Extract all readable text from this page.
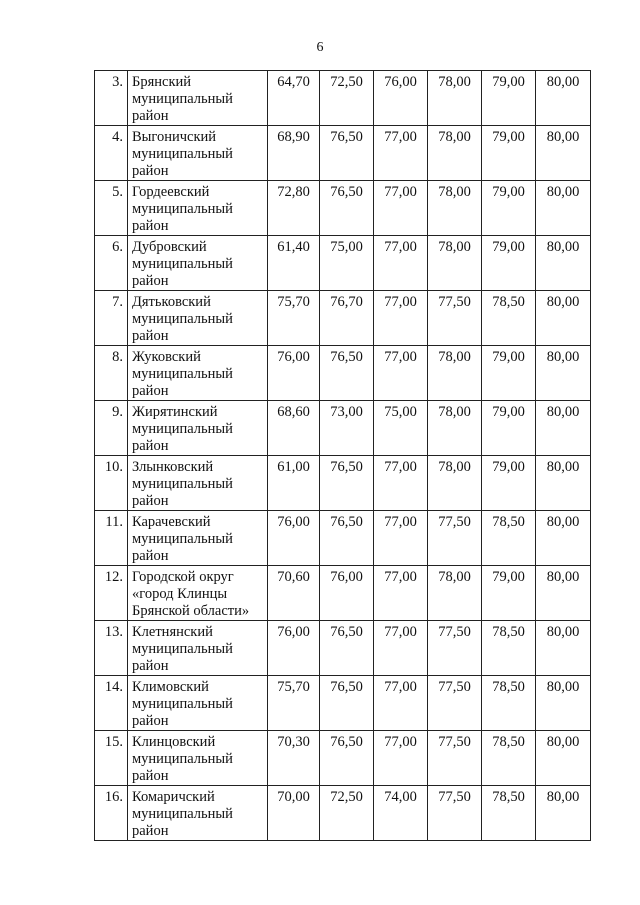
6
3.	Брянский
муниципальный
район	64,70	72,50	76,00	78,00	79,00	80,00
4.	Выгоничский
муниципальный
район	68,90	76,50	77,00	78,00	79,00	80,00
5.	Гордеевский
муниципальный
район	72,80	76,50	77,00	78,00	79,00	80,00
6.	Дубровский
муниципальный
район	61,40	75,00	77,00	78,00	79,00	80,00
7.	Дятьковский
муниципальный
район	75,70	76,70	77,00	77,50	78,50	80,00
8.	Жуковский
муниципальный
район	76,00	76,50	77,00	78,00	79,00	80,00
9.	Жирятинский
муниципальный
район	68,60	73,00	75,00	78,00	79,00	80,00
10.	Злынковский
муниципальный
район	61,00	76,50	77,00	78,00	79,00	80,00
11.	Карачевский
муниципальный
район	76,00	76,50	77,00	77,50	78,50	80,00
12.	Городской округ
«город Клинцы
Брянской области»	70,60	76,00	77,00	78,00	79,00	80,00
13.	Клетнянский
муниципальный
район	76,00	76,50	77,00	77,50	78,50	80,00
14.	Климовский
муниципальный
район	75,70	76,50	77,00	77,50	78,50	80,00
15.	Клинцовский
муниципальный
район	70,30	76,50	77,00	77,50	78,50	80,00
16.	Комаричский
муниципальный
район	70,00	72,50	74,00	77,50	78,50	80,00
